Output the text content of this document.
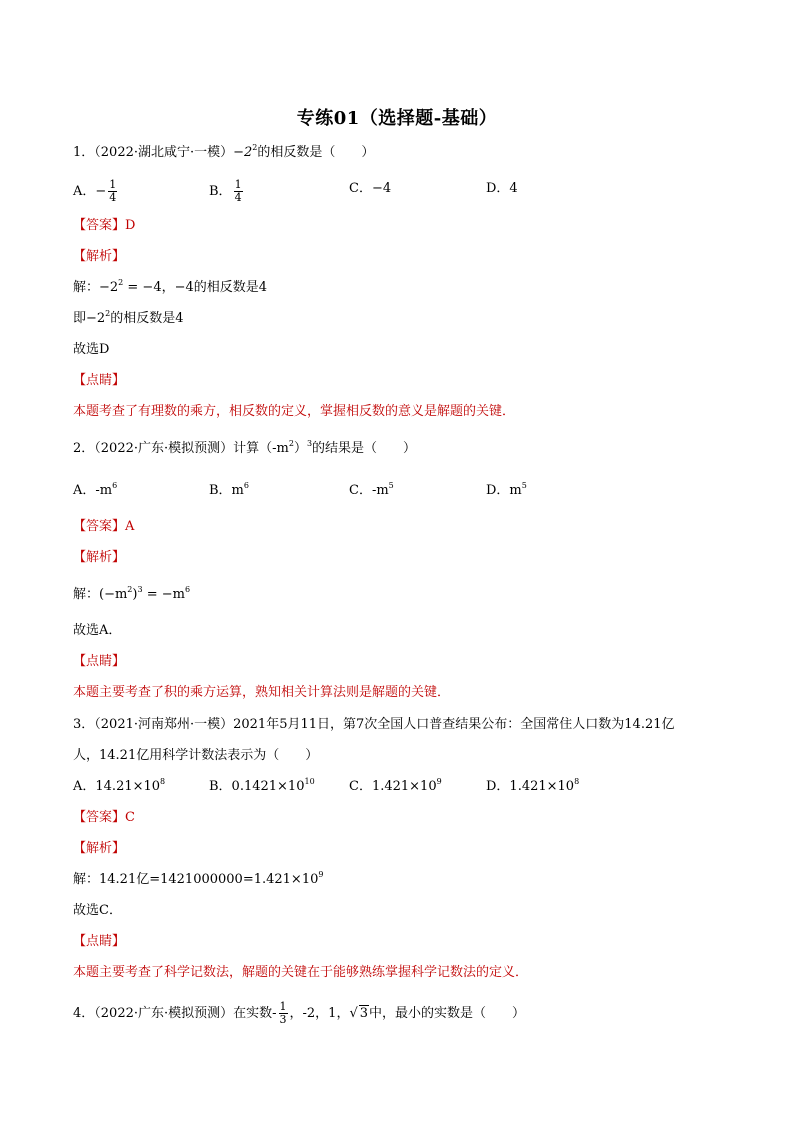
专练01（选择题-基础）
1．（2022·湖北咸宁·一模）$-2^2$的相反数是（　　）
A．− $\frac{1}{4}$	B． $\frac{1}{4}$	C．−4	D．4
【答案】D
【解析】
解：$-2^2 = -4$，−4的相反数是4
即$-2^2$的相反数是4
故选D
【点睛】
本题考查了有理数的乘方，相反数的定义，掌握相反数的意义是解题的关键．
2．（2022·广东·模拟预测）计算$(-m^2)^3$的结果是（　　）
A．$-m^6$	B．$m^6$	C．$-m^5$	D．$m^5$
【答案】A
【解析】
解：$(-m^2)^3 = -m^6$
故选A．
【点睛】
本题主要考查了积的乘方运算，熟知相关计算法则是解题的关键．
3．（2021·河南郑州·一模）2021年5月11日，第7次全国人口普查结果公布：全国常住人口数为14.21亿
人，14.21亿用科学计数法表示为（　　）
A．$14.21\times 10^8$	B．$0.1421\times 10^{10}$	C．$1.421\times 10^9$	D．$1.421\times 10^8$
【答案】C
【解析】
解：14.21亿$=1421000000=1.421\times 10^9$
故选C．
【点睛】
本题主要考查了科学记数法，解题的关键在于能够熟练掌握科学记数法的定义．
4．（2022·广东·模拟预测）在实数- $\frac{1}{3}$ ，-2，1，√ 3中，最小的实数是（　　）
